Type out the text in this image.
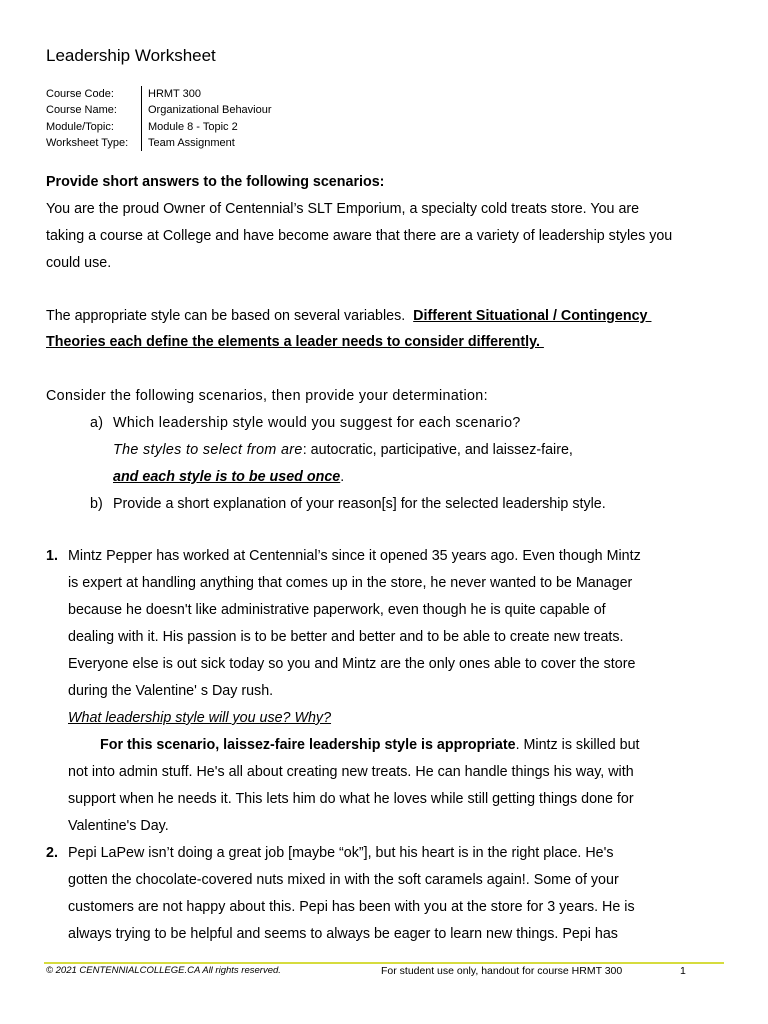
Leadership Worksheet
Course Code:	HRMT 300
Course Name:	Organizational Behaviour
Module/Topic:	Module 8 - Topic 2
Worksheet Type:	Team Assignment
Provide short answers to the following scenarios:
You are the proud Owner of Centennial’s SLT Emporium, a specialty cold treats store. You are
taking a course at College and have become aware that there are a variety of leadership styles you
could use.
The appropriate style can be based on several variables.  Different Situational / Contingency
Theories each define the elements a leader needs to consider differently.
Consider the following scenarios, then provide your determination:
a) Which leadership style would you suggest for each scenario?
The styles to select from are: autocratic, participative, and laissez-faire,
and each style is to be used once.
b) Provide a short explanation of your reason[s] for the selected leadership style.
1. Mintz Pepper has worked at Centennial’s since it opened 35 years ago. Even though Mintz
is expert at handling anything that comes up in the store, he never wanted to be Manager
because he doesn't like administrative paperwork, even though he is quite capable of
dealing with it. His passion is to be better and better and to be able to create new treats.
Everyone else is out sick today so you and Mintz are the only ones able to cover the store
during the Valentine' s Day rush.
What leadership style will you use? Why?
For this scenario, laissez-faire leadership style is appropriate. Mintz is skilled but
not into admin stuff. He's all about creating new treats. He can handle things his way, with
support when he needs it. This lets him do what he loves while still getting things done for
Valentine's Day.
2. Pepi LaPew isn’t doing a great job [maybe “ok”], but his heart is in the right place. He's
gotten the chocolate-covered nuts mixed in with the soft caramels again!. Some of your
customers are not happy about this. Pepi has been with you at the store for 3 years. He is
always trying to be helpful and seems to always be eager to learn new things. Pepi has
© 2021 CENTENNIALCOLLEGE.CA All rights reserved.	For student use only, handout for course HRMT 300	1
